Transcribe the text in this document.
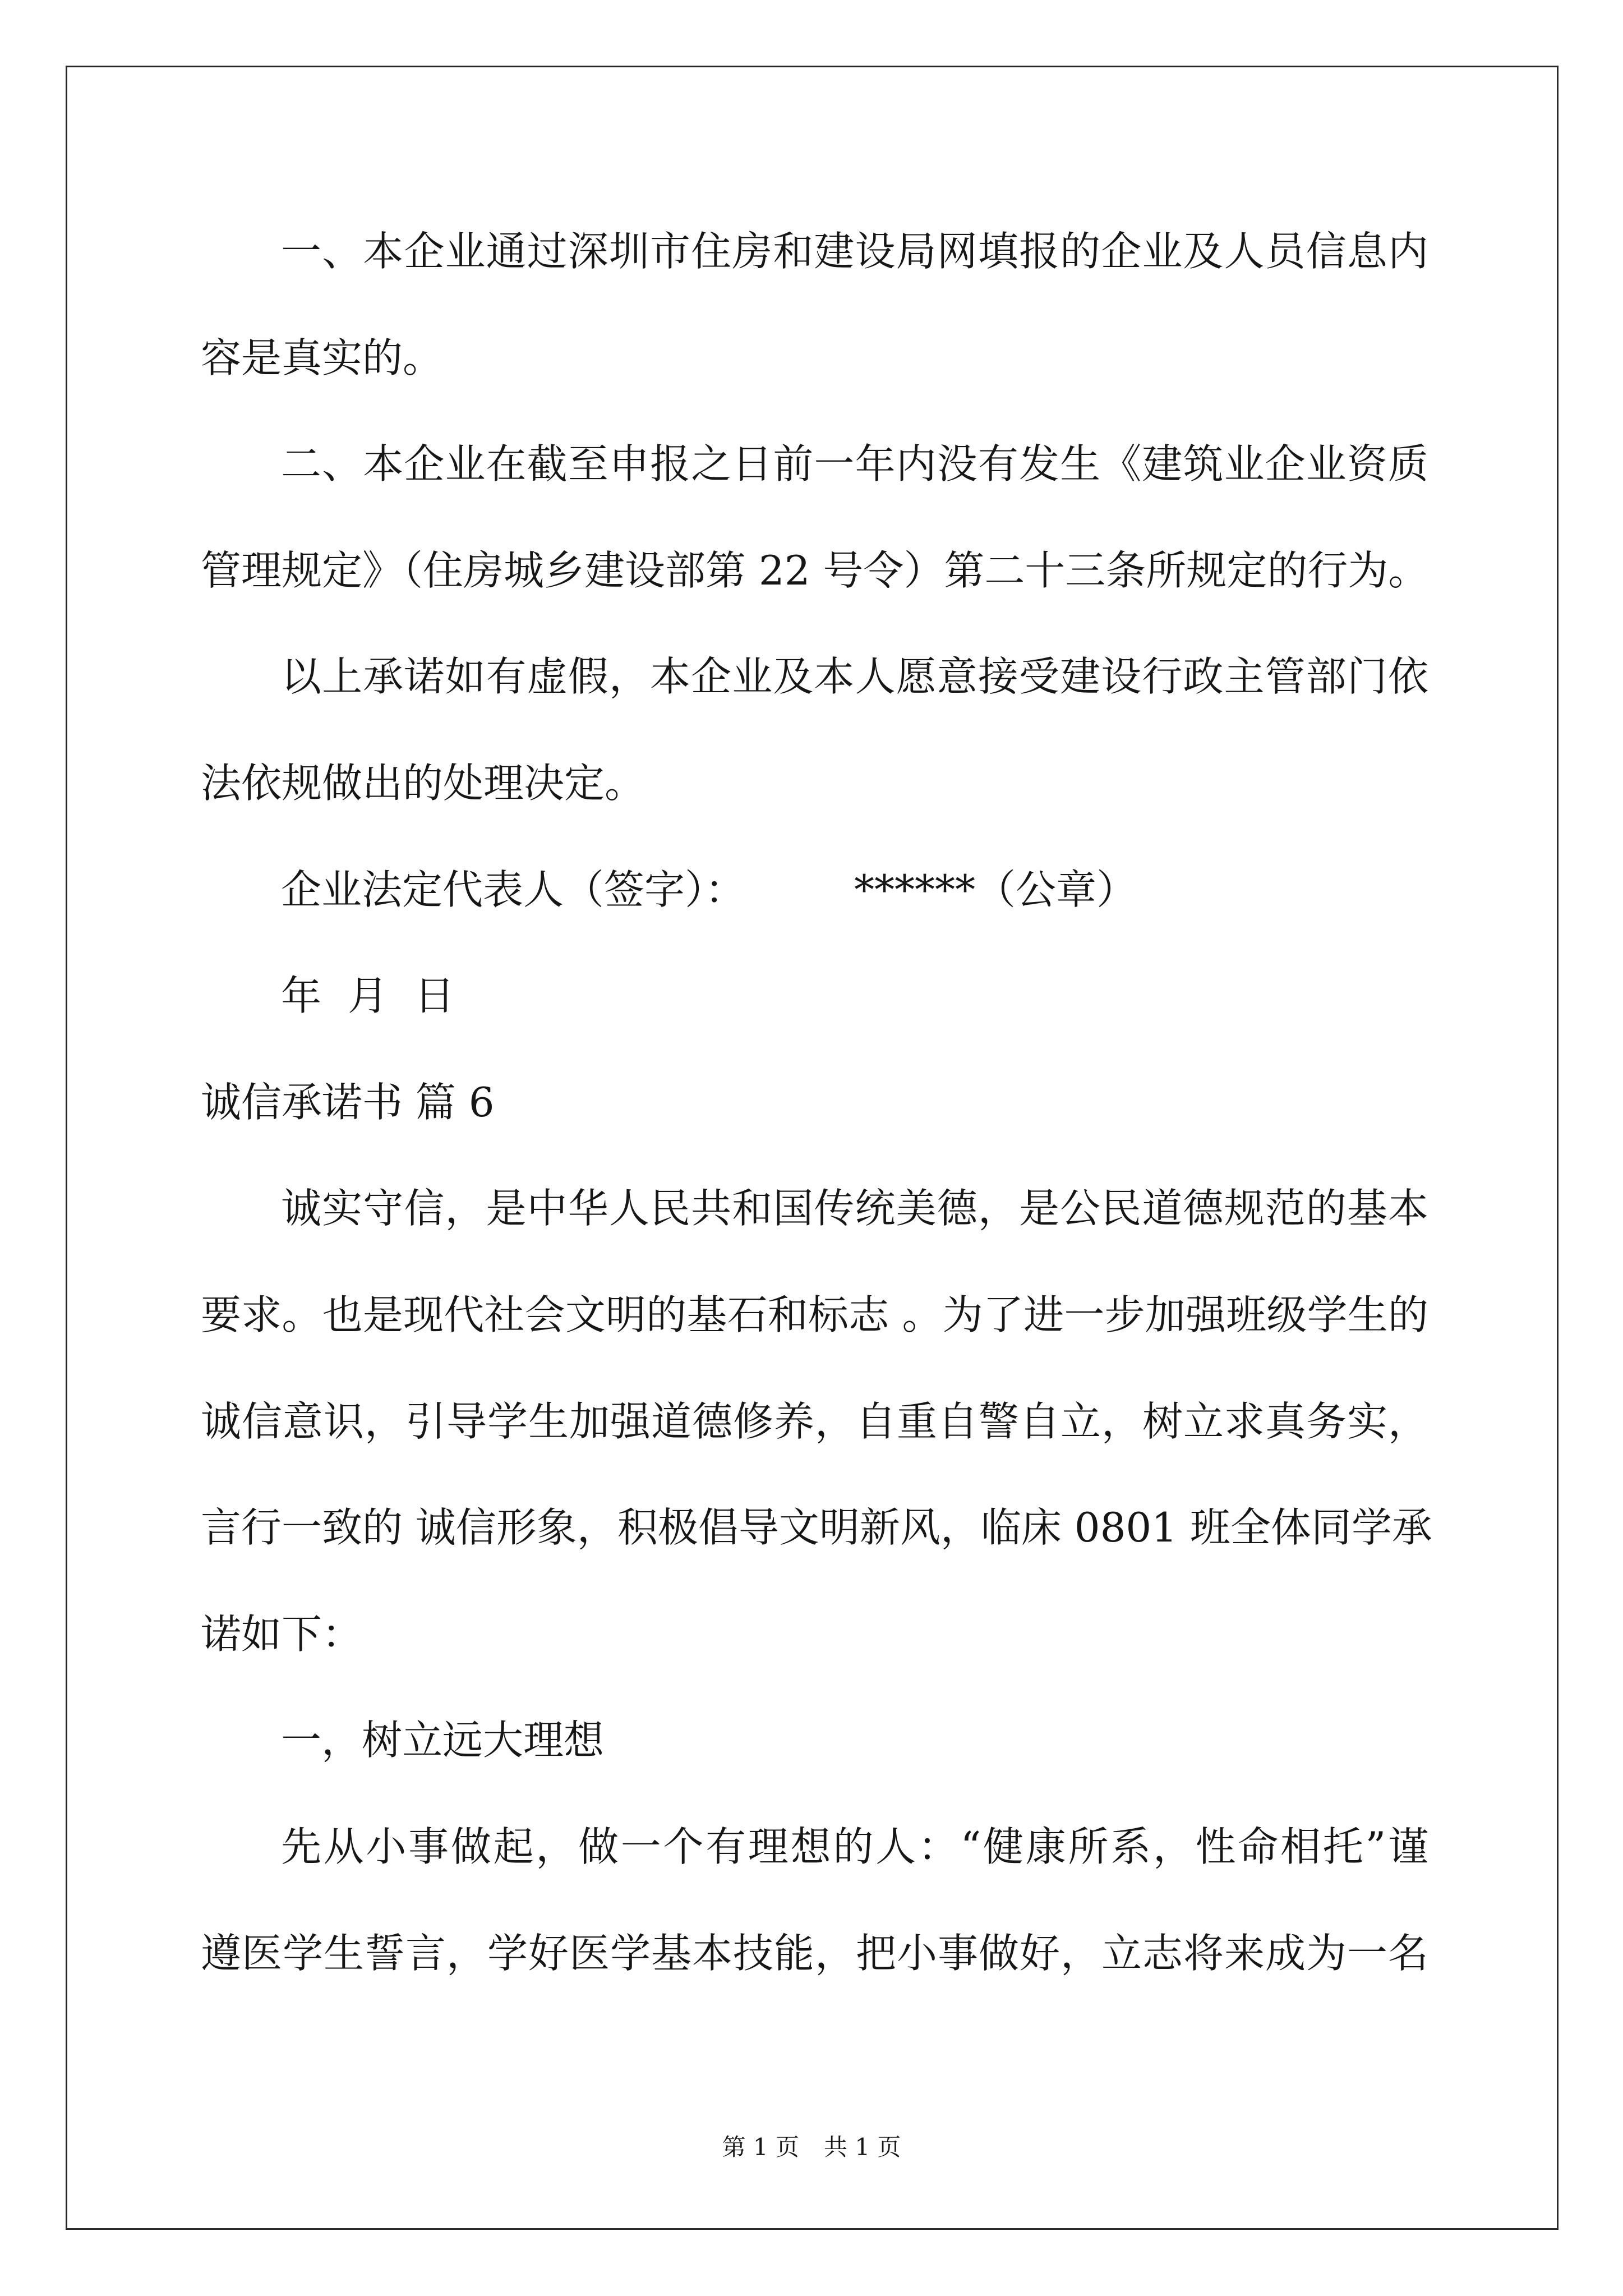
一、本企业通过深圳市住房和建设局网填报的企业及人员信息内
容是真实的。
二、本企业在截至申报之日前一年内没有发生《建筑业企业资质
管理规定》（住房城乡建设部第 22 号令）第二十三条所规定的行为。
以上承诺如有虚假，本企业及本人愿意接受建设行政主管部门依
法依规做出的处理决定。
企业法定代表人（签字）：	******（公章）
年 月 日
诚信承诺书 篇 6
诚实守信，是中华人民共和国传统美德，是公民道德规范的基本
要求。也是现代社会文明的基石和标志 。为了进一步加强班级学生的
诚信意识，引导学生加强道德修养，自重自警自立，树立求真务实，
言行一致的 诚信形象，积极倡导文明新风，临床 0801 班全体同学承
诺如下：
一，树立远大理想
先从小事做起，做一个有理想的人：“健康所系，性命相托”谨
遵医学生誓言，学好医学基本技能，把小事做好，立志将来成为一名
第 1 页 共 1 页
